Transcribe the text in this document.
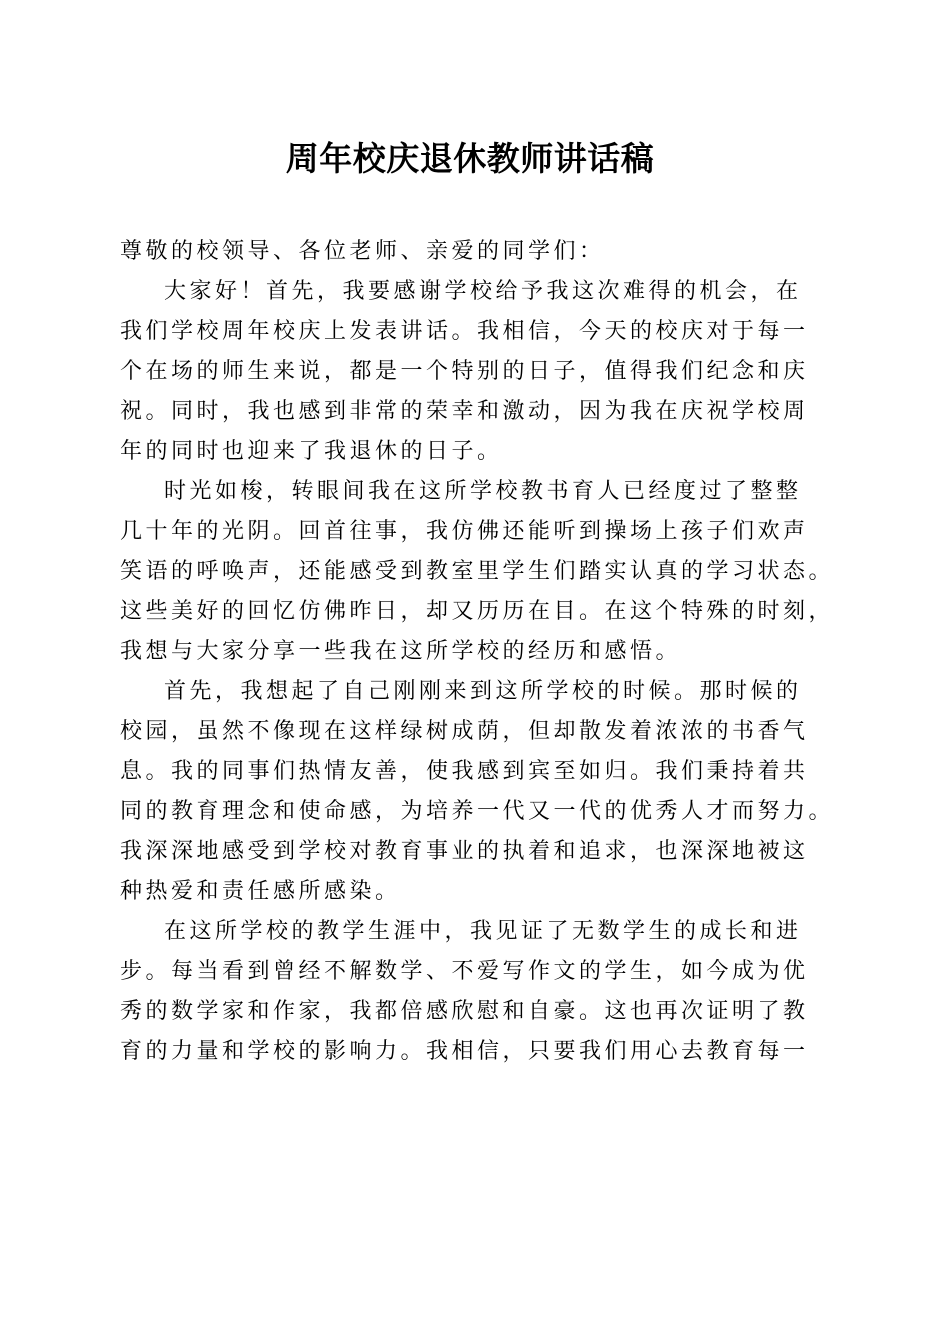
周年校庆退休教师讲话稿

尊敬的校领导、各位老师、亲爱的同学们：

大家好！首先，我要感谢学校给予我这次难得的机会，在
我们学校周年校庆上发表讲话。我相信，今天的校庆对于每一
个在场的师生来说，都是一个特别的日子，值得我们纪念和庆
祝。同时，我也感到非常的荣幸和激动，因为我在庆祝学校周
年的同时也迎来了我退休的日子。

时光如梭，转眼间我在这所学校教书育人已经度过了整整
几十年的光阴。回首往事，我仿佛还能听到操场上孩子们欢声
笑语的呼唤声，还能感受到教室里学生们踏实认真的学习状态。
这些美好的回忆仿佛昨日，却又历历在目。在这个特殊的时刻，
我想与大家分享一些我在这所学校的经历和感悟。

首先，我想起了自己刚刚来到这所学校的时候。那时候的
校园，虽然不像现在这样绿树成荫，但却散发着浓浓的书香气
息。我的同事们热情友善，使我感到宾至如归。我们秉持着共
同的教育理念和使命感，为培养一代又一代的优秀人才而努力。
我深深地感受到学校对教育事业的执着和追求，也深深地被这
种热爱和责任感所感染。

在这所学校的教学生涯中，我见证了无数学生的成长和进
步。每当看到曾经不解数学、不爱写作文的学生，如今成为优
秀的数学家和作家，我都倍感欣慰和自豪。这也再次证明了教
育的力量和学校的影响力。我相信，只要我们用心去教育每一
